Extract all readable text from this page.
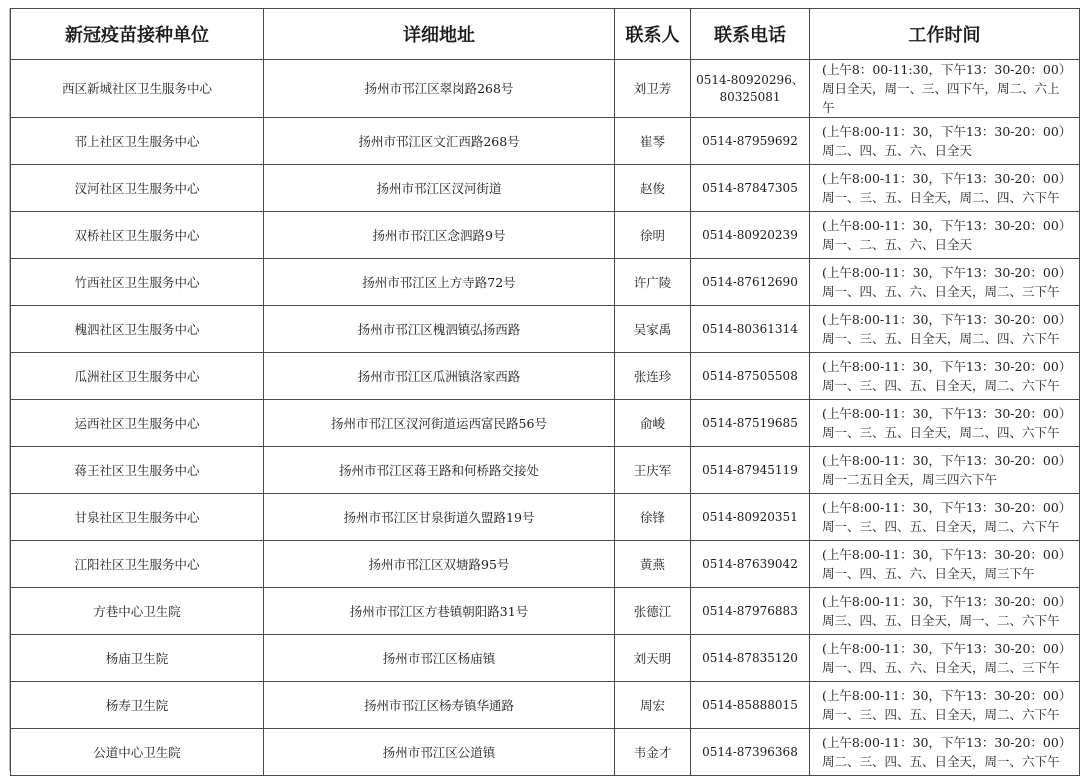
新冠疫苗接种单位	详细地址	联系人	联系电话	工作时间
西区新城社区卫生服务中心	扬州市邗江区翠岗路268号	刘卫芳	0514-80920296、80325081	(上午8：00-11:30，下午13：30-20：00）周日全天，周一、三、四下午，周二、六上午
邗上社区卫生服务中心	扬州市邗江区文汇西路268号	崔琴	0514-87959692	(上午8:00-11：30，下午13：30-20：00）周二、四、五、六、日全天
汊河社区卫生服务中心	扬州市邗江区汊河街道	赵俊	0514-87847305	(上午8:00-11：30，下午13：30-20：00）周一、三、五、日全天，周二、四、六下午
双桥社区卫生服务中心	扬州市邗江区念泗路9号	徐明	0514-80920239	(上午8:00-11：30，下午13：30-20：00）周一、二、五、六、日全天
竹西社区卫生服务中心	扬州市邗江区上方寺路72号	许广陵	0514-87612690	(上午8:00-11：30，下午13：30-20：00）周一、四、五、六、日全天，周二、三下午
槐泗社区卫生服务中心	扬州市邗江区槐泗镇弘扬西路	吴家禹	0514-80361314	(上午8:00-11：30，下午13：30-20：00）周一、三、五、日全天，周二、四、六下午
瓜洲社区卫生服务中心	扬州市邗江区瓜洲镇洛家西路	张连珍	0514-87505508	(上午8:00-11：30，下午13：30-20：00）周一、三、四、五、日全天，周二、六下午
运西社区卫生服务中心	扬州市邗江区汊河街道运西富民路56号	俞峻	0514-87519685	(上午8:00-11：30，下午13：30-20：00）周一、三、五、日全天，周二、四、六下午
蒋王社区卫生服务中心	扬州市邗江区蒋王路和何桥路交接处	王庆军	0514-87945119	(上午8:00-11：30，下午13：30-20：00）周一二五日全天，周三四六下午
甘泉社区卫生服务中心	扬州市邗江区甘泉街道久盟路19号	徐锋	0514-80920351	(上午8:00-11：30，下午13：30-20：00）周一、三、四、五、日全天，周二、六下午
江阳社区卫生服务中心	扬州市邗江区双塘路95号	黄燕	0514-87639042	(上午8:00-11：30，下午13：30-20：00）周一、四、五、六、日全天，周三下午
方巷中心卫生院	扬州市邗江区方巷镇朝阳路31号	张德江	0514-87976883	(上午8:00-11：30，下午13：30-20：00）周三、四、五、日全天，周一、二、六下午
杨庙卫生院	扬州市邗江区杨庙镇	刘天明	0514-87835120	(上午8:00-11：30，下午13：30-20：00）周一、四、五、六、日全天，周二、三下午
杨寿卫生院	扬州市邗江区杨寿镇华通路	周宏	0514-85888015	(上午8:00-11：30，下午13：30-20：00）周一、三、四、五、日全天，周二、六下午
公道中心卫生院	扬州市邗江区公道镇	韦金才	0514-87396368	(上午8:00-11：30，下午13：30-20：00）周二、三、四、五、日全天，周一、六下午
